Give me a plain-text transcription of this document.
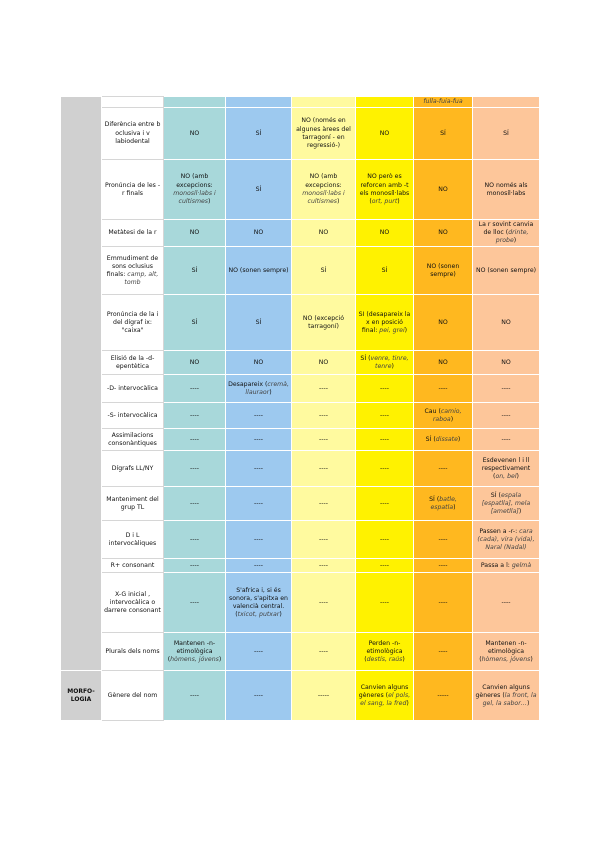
						fulla-fuia-fua	
	Diferència entre b oclusiva i v labiodental	NO	SÍ	NO (només en algunes àrees del tarragoní - en regressió-)	NO	SÍ	SÍ
	Pronúncia de les -r finals	NO (amb excepcions: monosíl·labs i cultismes)	SÍ	NO (amb excepcions: monosíl·labs i cultismes)	NO però es reforcen amb -t els monosíl·labs (ort, purt)	NO	NO només als monosíl·labs
	Metàtesi de la r	NO	NO	NO	NO	NO	La r sovint canvia de lloc (drinte, probe)
	Emmudiment de sons oclusius finals: camp, alt, tomb	SÍ	NO (sonen sempre)	SÍ	SÍ	NO (sonen sempre)	NO (sonen sempre)
	Pronúncia de la i del dígraf ix: "caixa"	SÍ	SÍ	NO (excepció tarragoní)	SI (desapareix la x en posició final: pei, grei)	NO	NO
	Elisió de la -d- epentètica	NO	NO	NO	SÍ (venre, tinre, tenre)	NO	NO
	-D- intervocàlica	----	Desapareix (cremà, llauraor)	----	----	----	----
	-S- intervocàlica	----	----	----	----	Cau (camio, raboa)	----
	Assimilacions consonàntiques	----	----	----	----	SÍ (dissate)	----
	Dígrafs LL/NY	----	----	----	----	----	Esdevenen l i ll respectivament (on, bel)
	Manteniment del grup TL	----	----	----	----	SÍ (batle, espatla)	SÍ (espala [espatlla], mela [ametlla])
	D i L intervocàliques	----	----	----	----	----	Passen a -r-: cara (cada), vira (vida), Naral (Nadal)
	R+ consonant	----	----	----	----	----	Passa a l: gelmà
	X-G inicial , intervocàlica o darrere consonant	----	S'africa i, si és sonora, s'apitxa en valencià central. (txicot, putxar)	----	----	----	----
	Plurals dels noms	Mantenen -n- etimològica (hòmens, jóvens)	----	----	Perden -n- etimològica (destís, raús)	----	Mantenen -n- etimològica (hòmens, jóvens)
MORFO-
LOGIA	Gènere del nom	----	----	-----	Canvien alguns gèneres (el pols, el sang, la fred)	-----	Canvien alguns gèneres (la front, la gel, la sabor…)
